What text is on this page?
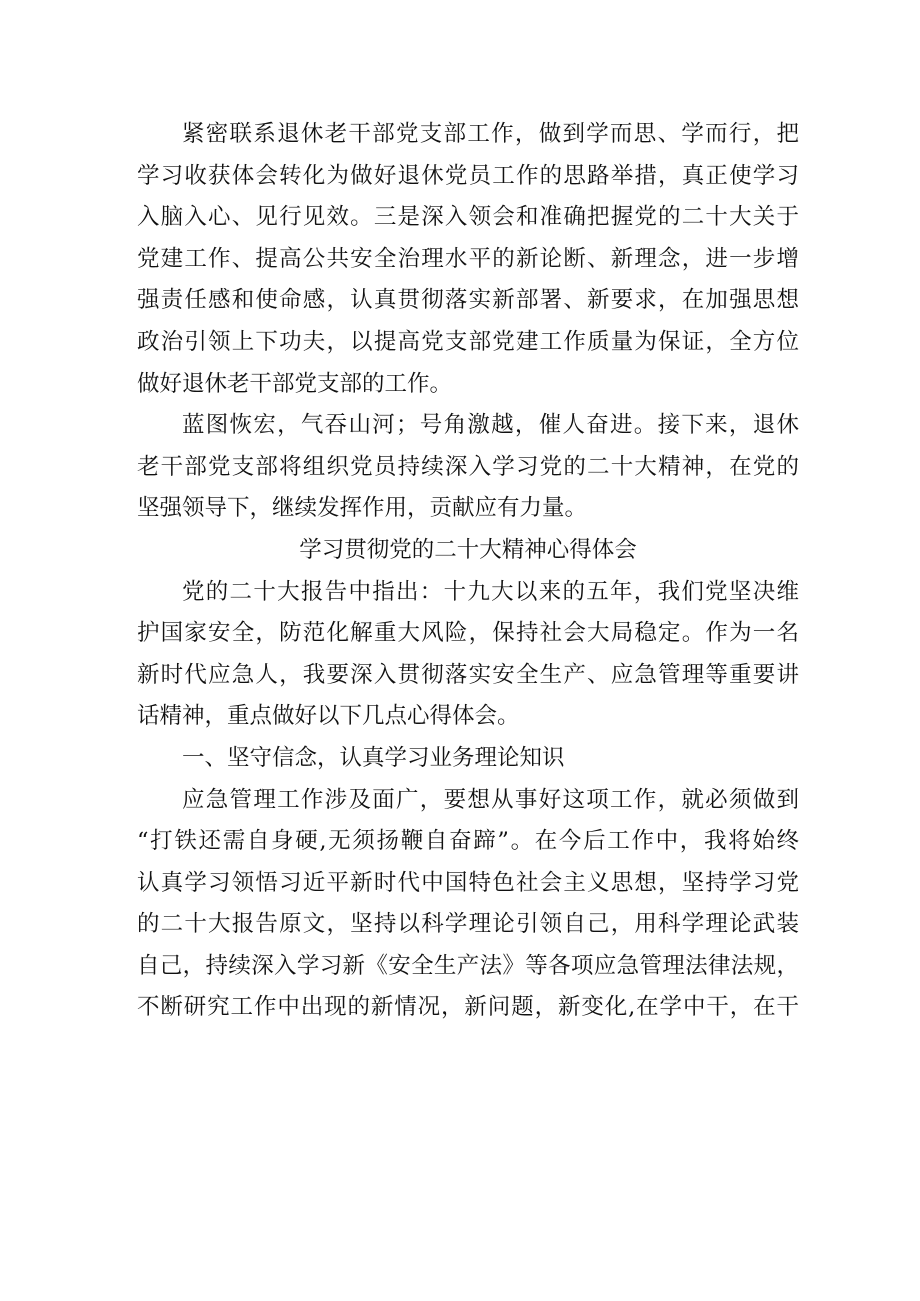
紧密联系退休老干部党支部工作，做到学而思、学而行，把
学习收获体会转化为做好退休党员工作的思路举措，真正使学习
入脑入心、见行见效。三是深入领会和准确把握党的二十大关于
党建工作、提高公共安全治理水平的新论断、新理念，进一步增
强责任感和使命感，认真贯彻落实新部署、新要求，在加强思想
政治引领上下功夫，以提高党支部党建工作质量为保证，全方位
做好退休老干部党支部的工作。
蓝图恢宏，气吞山河；号角激越，催人奋进。接下来，退休
老干部党支部将组织党员持续深入学习党的二十大精神，在党的
坚强领导下，继续发挥作用，贡献应有力量。
学习贯彻党的二十大精神心得体会
党的二十大报告中指出：十九大以来的五年，我们党坚决维
护国家安全，防范化解重大风险，保持社会大局稳定。作为一名
新时代应急人，我要深入贯彻落实安全生产、应急管理等重要讲
话精神，重点做好以下几点心得体会。
一、坚守信念，认真学习业务理论知识
应急管理工作涉及面广，要想从事好这项工作，就必须做到
“打铁还需自身硬,无须扬鞭自奋蹄”。在今后工作中，我将始终
认真学习领悟习近平新时代中国特色社会主义思想，坚持学习党
的二十大报告原文，坚持以科学理论引领自己，用科学理论武装
自己，持续深入学习新《安全生产法》等各项应急管理法律法规，
不断研究工作中出现的新情况，新问题，新变化,在学中干，在干
